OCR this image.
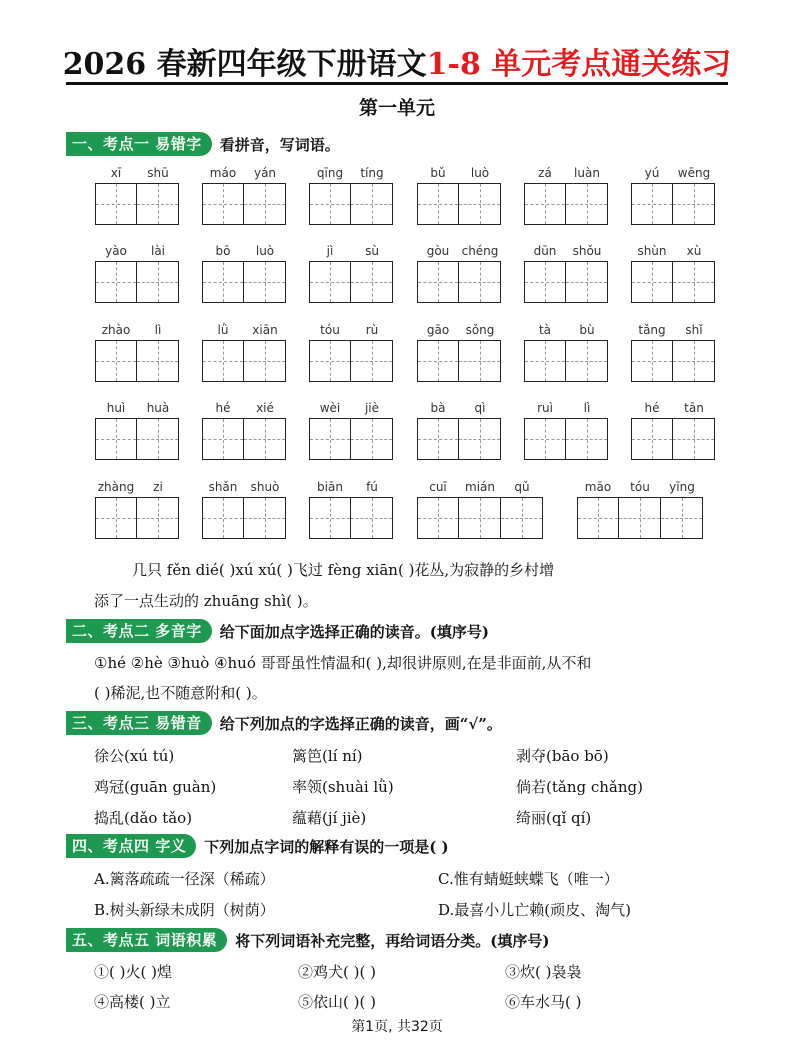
2026 春新四年级下册语文1-8 单元考点通关练习
第一单元
一、考点一 易错字	看拼音，写词语。
xī	shū	máo	yán	qīng	tíng	bǔ	luò	zá	luàn	yú	wēng
yào	lài	bō	luò	jì	sù	gòu	chéng	dūn	shǒu	shùn	xù
zhào	lì	lǜ	xiān	tóu	rù	gāo	sǒng	tà	bù	tǎng	shǐ
huì	huà	hé	xié	wèi	jiè	bà	qì	ruì	lì	hé	tān
zhàng	zi	shǎn	shuò	biān	fú	cuī	mián	qǔ	māo	tóu	yīng
几只 fěn dié( )xú xú( )飞过 fèng xiān( )花丛,为寂静的乡村增
添了一点生动的 zhuāng shì( )。
二、考点二 多音字	给下面加点字选择正确的读音。(填序号)
①hé ②hè ③huò ④huó 哥哥虽性情温和( ),却很讲原则,在是非面前,从不和
( )稀泥,也不随意附和( )。
三、考点三 易错音	给下列加点的字选择正确的读音，画“√”。
徐公(xú tú)	篱笆(lí ní)	剥夺(bāo bō)
鸡冠(guān guàn)	率领(shuài lǜ)	倘若(tǎng chǎng)
捣乱(dǎo tǎo)	蕴藉(jí jiè)	绮丽(qǐ qí)
四、考点四 字义	下列加点字词的解释有误的一项是( )
A.篱落疏疏一径深（稀疏）	C.惟有蜻蜓蛱蝶飞（唯一）
B.树头新绿未成阴（树荫）	D.最喜小儿亡赖(顽皮、淘气)
五、考点五 词语积累	将下列词语补充完整，再给词语分类。(填序号)
①( )火( )煌	②鸡犬( )( )	③炊( )袅袅
④高楼( )立	⑤依山( )( )	⑥车水马( )
第1页, 共32页
